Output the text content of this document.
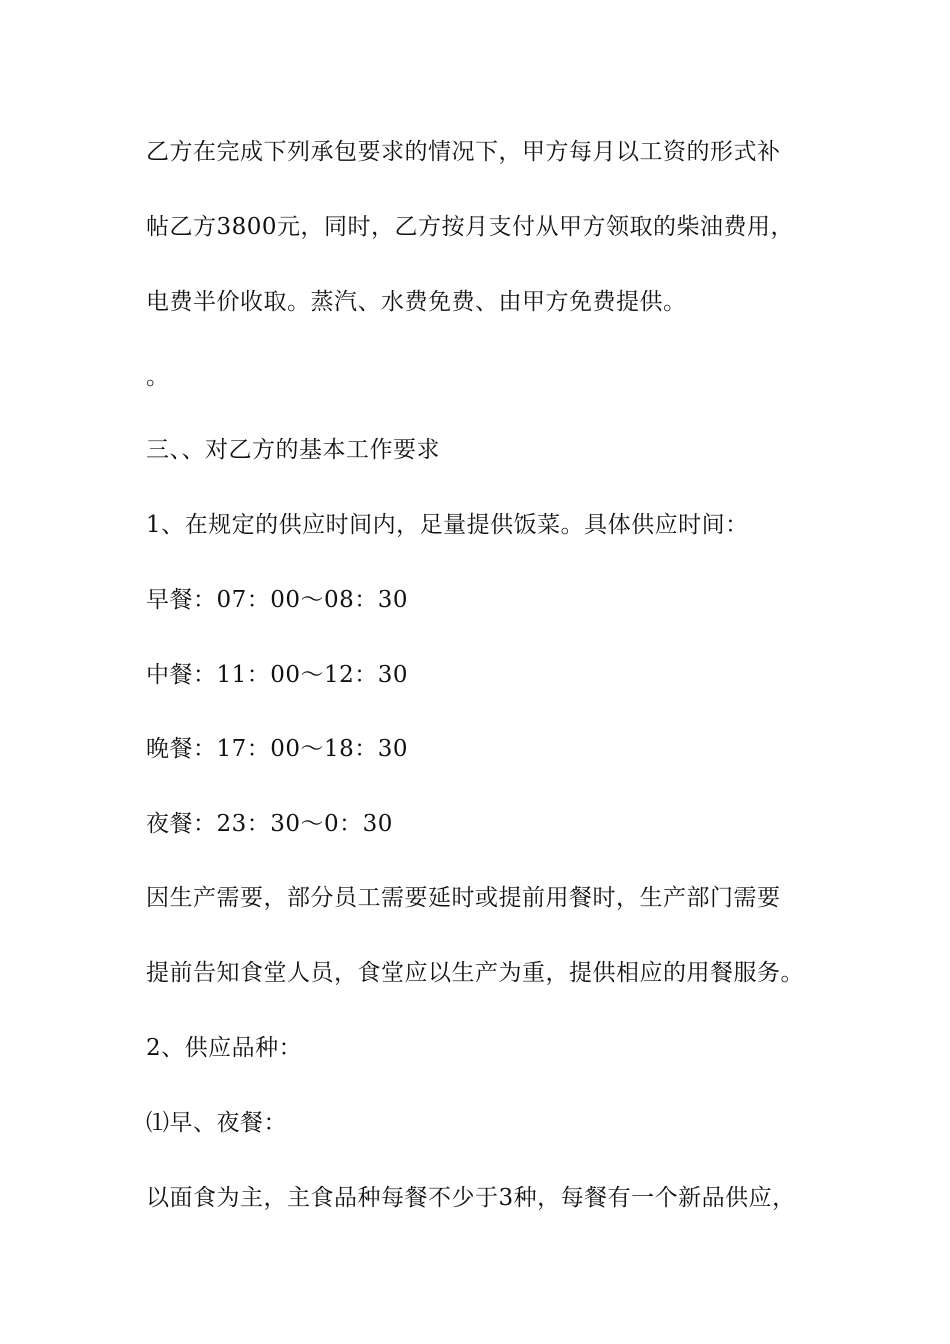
乙方在完成下列承包要求的情况下，甲方每月以工资的形式补

帖乙方3800元，同时，乙方按月支付从甲方领取的柴油费用，

电费半价收取。蒸汽、水费免费、由甲方免费提供。

。

三、、对乙方的基本工作要求

1、在规定的供应时间内，足量提供饭菜。具体供应时间：

早餐：07：00～08：30

中餐：11：00～12：30

晚餐：17：00～18：30

夜餐：23：30～0：30

因生产需要，部分员工需要延时或提前用餐时，生产部门需要

提前告知食堂人员，食堂应以生产为重，提供相应的用餐服务。

2、供应品种：

⑴早、夜餐：

以面食为主，主食品种每餐不少于3种，每餐有一个新品供应，
